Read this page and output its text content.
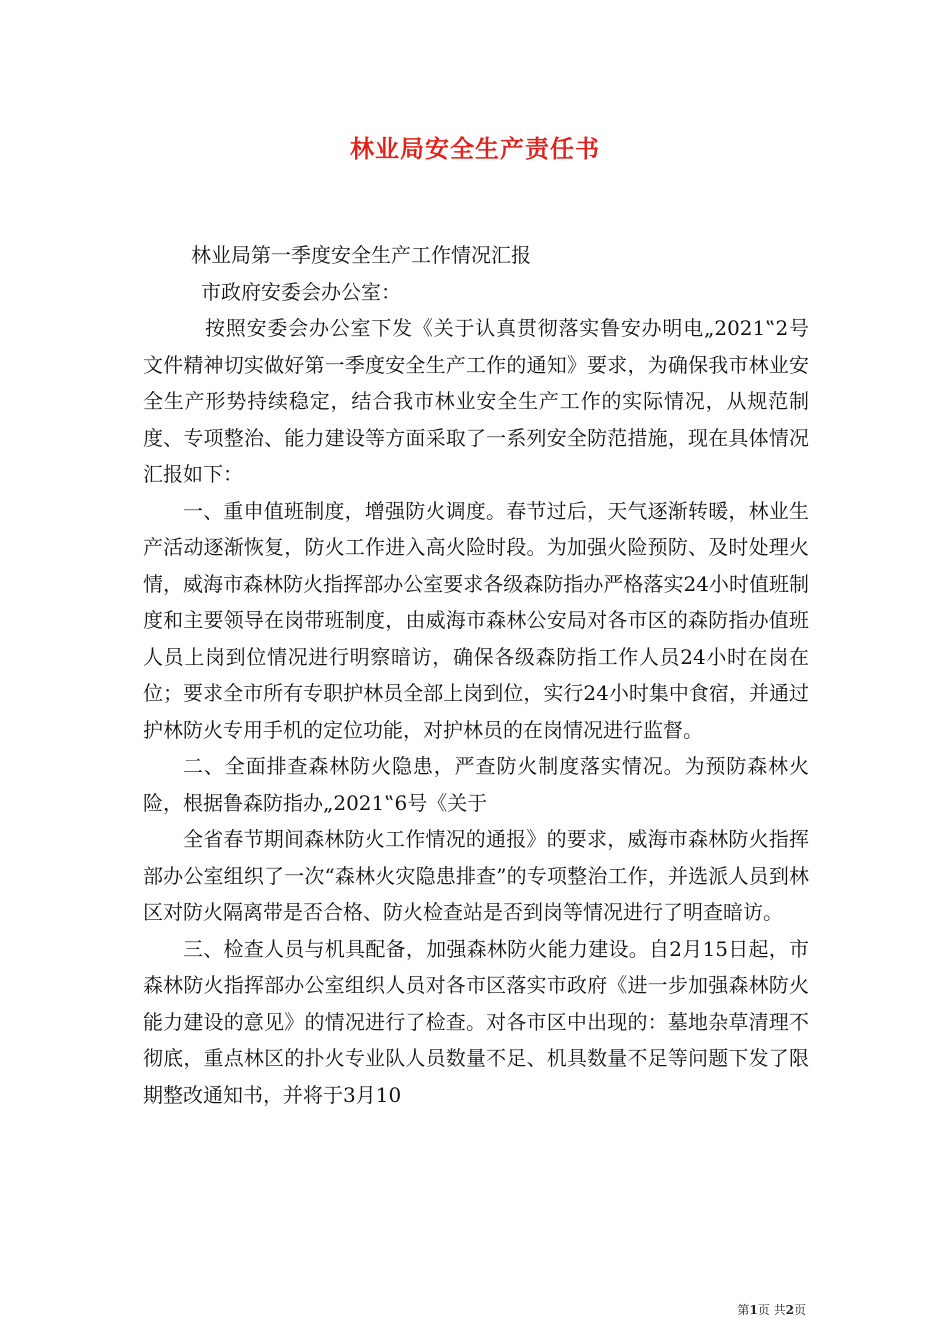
林业局安全生产责任书

林业局第一季度安全生产工作情况汇报

市政府安委会办公室：

按照安委会办公室下发《关于认真贯彻落实鲁安办明电„2021‟2号文件精神切实做好第一季度安全生产工作的通知》要求，为确保我市林业安全生产形势持续稳定，结合我市林业安全生产工作的实际情况，从规范制度、专项整治、能力建设等方面采取了一系列安全防范措施，现在具体情况汇报如下：

一、重申值班制度，增强防火调度。春节过后，天气逐渐转暖，林业生产活动逐渐恢复，防火工作进入高火险时段。为加强火险预防、及时处理火情，威海市森林防火指挥部办公室要求各级森防指办严格落实24小时值班制度和主要领导在岗带班制度，由威海市森林公安局对各市区的森防指办值班人员上岗到位情况进行明察暗访，确保各级森防指工作人员24小时在岗在位；要求全市所有专职护林员全部上岗到位，实行24小时集中食宿，并通过护林防火专用手机的定位功能，对护林员的在岗情况进行监督。

二、全面排查森林防火隐患，严查防火制度落实情况。为预防森林火险，根据鲁森防指办„2021‟6号《关于

全省春节期间森林防火工作情况的通报》的要求，威海市森林防火指挥部办公室组织了一次“森林火灾隐患排查”的专项整治工作，并选派人员到林区对防火隔离带是否合格、防火检查站是否到岗等情况进行了明查暗访。

三、检查人员与机具配备，加强森林防火能力建设。自2月15日起，市森林防火指挥部办公室组织人员对各市区落实市政府《进一步加强森林防火能力建设的意见》的情况进行了检查。对各市区中出现的：墓地杂草清理不彻底，重点林区的扑火专业队人员数量不足、机具数量不足等问题下发了限期整改通知书，并将于3月10

第1页 共2页
